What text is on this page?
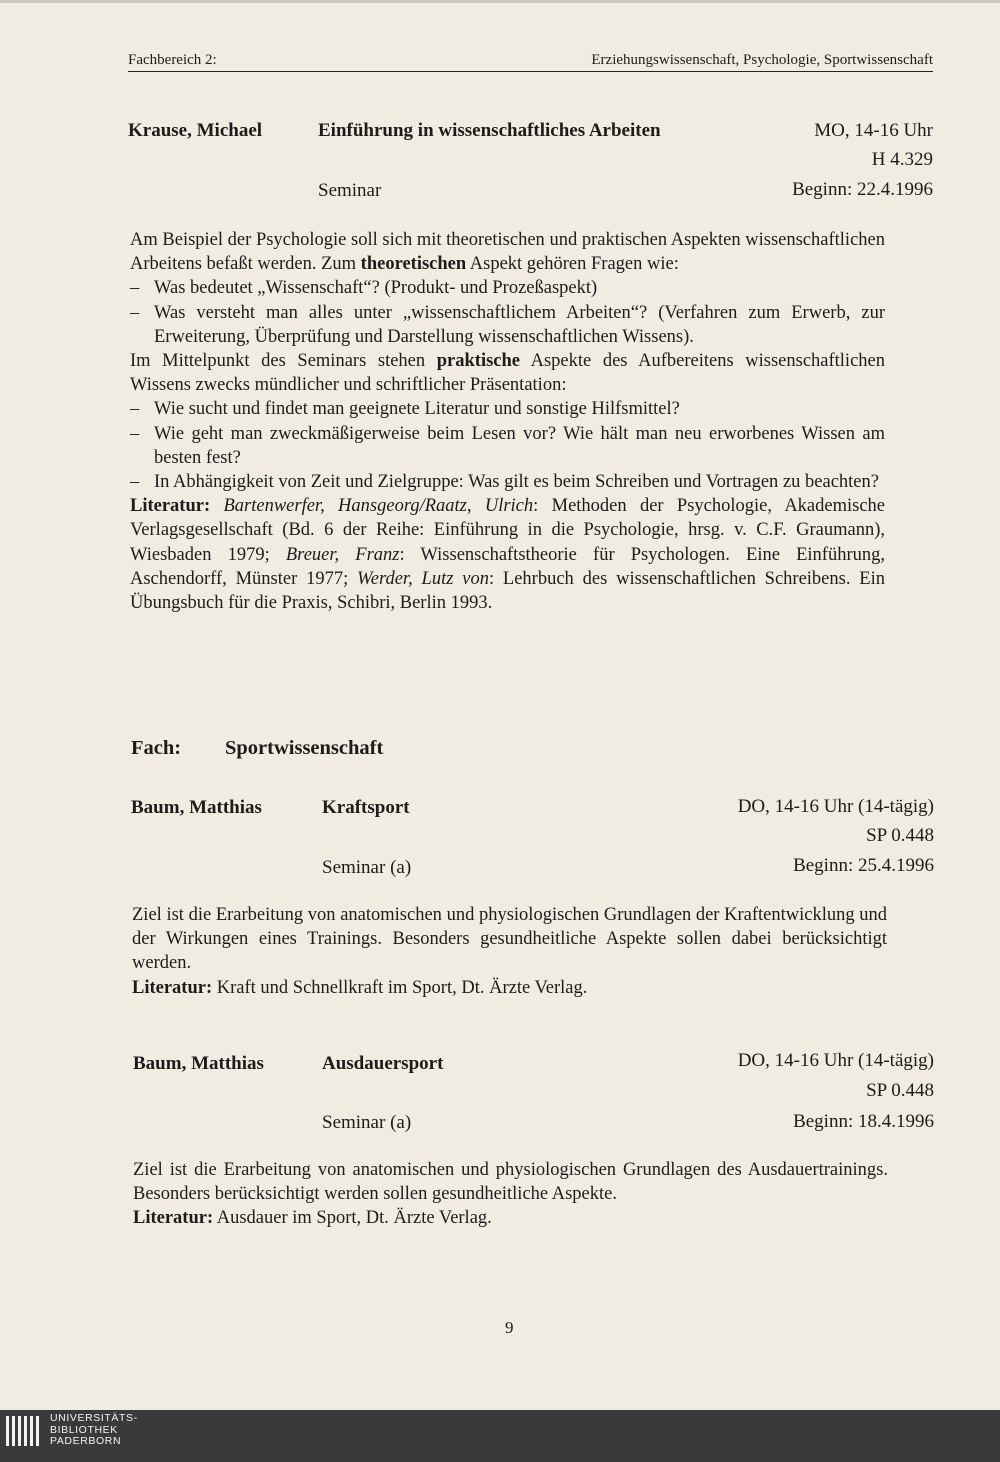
Fachbereich 2:	Erziehungswissenschaft, Psychologie, Sportwissenschaft
Krause, Michael	Einführung in wissenschaftliches Arbeiten	MO, 14-16 Uhr
H 4.329
Seminar	Beginn: 22.4.1996

Am Beispiel der Psychologie soll sich mit theoretischen und praktischen Aspekten wissenschaftlichen Arbeitens befaßt werden. Zum theoretischen Aspekt gehören Fragen wie:

– Was bedeutet „Wissenschaft“? (Produkt- und Prozeßaspekt)
– Was versteht man alles unter „wissenschaftlichem Arbeiten“? (Verfahren zum Erwerb, zur Erweiterung, Überprüfung und Darstellung wissenschaftlichen Wissens).

Im Mittelpunkt des Seminars stehen praktische Aspekte des Aufbereitens wissenschaftlichen Wissens zwecks mündlicher und schriftlicher Präsentation:

– Wie sucht und findet man geeignete Literatur und sonstige Hilfsmittel?
– Wie geht man zweckmäßigerweise beim Lesen vor? Wie hält man neu erworbenes Wissen am besten fest?
– In Abhängigkeit von Zeit und Zielgruppe: Was gilt es beim Schreiben und Vortragen zu beachten?

Literatur: Bartenwerfer, Hansgeorg/Raatz, Ulrich: Methoden der Psychologie, Akademische Verlagsgesellschaft (Bd. 6 der Reihe: Einführung in die Psychologie, hrsg. v. C.F. Graumann), Wiesbaden 1979; Breuer, Franz: Wissenschaftstheorie für Psychologen. Eine Einführung, Aschendorff, Münster 1977; Werder, Lutz von: Lehrbuch des wissenschaftlichen Schreibens. Ein Übungsbuch für die Praxis, Schibri, Berlin 1993.

Fach: Sportwissenschaft
Baum, Matthias	Kraftsport	DO, 14-16 Uhr (14-tägig)
SP 0.448
Seminar (a)	Beginn: 25.4.1996

Ziel ist die Erarbeitung von anatomischen und physiologischen Grundlagen der Kraftentwicklung und der Wirkungen eines Trainings. Besonders gesundheitliche Aspekte sollen dabei berücksichtigt werden.

Literatur: Kraft und Schnellkraft im Sport, Dt. Ärzte Verlag.

Baum, Matthias	Ausdauersport	DO, 14-16 Uhr (14-tägig)
SP 0.448
Seminar (a)	Beginn: 18.4.1996

Ziel ist die Erarbeitung von anatomischen und physiologischen Grundlagen des Ausdauertrainings. Besonders berücksichtigt werden sollen gesundheitliche Aspekte.

Literatur: Ausdauer im Sport, Dt. Ärzte Verlag.

9
UNIVERSITÄTS-
BIBLIOTHEK
PADERBORN
